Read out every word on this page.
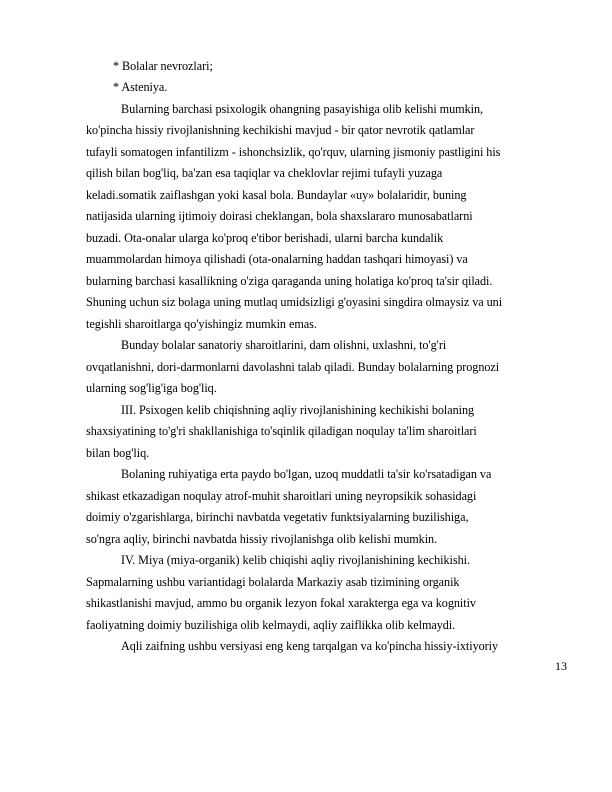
* Bolalar nevrozlari;
* Asteniya.
Bularning barchasi psixologik ohangning pasayishiga olib kelishi mumkin,
ko'pincha hissiy rivojlanishning kechikishi mavjud - bir qator nevrotik qatlamlar
tufayli somatogen infantilizm - ishonchsizlik, qo'rquv, ularning jismoniy pastligini his
qilish bilan bog'liq, ba'zan esa taqiqlar va cheklovlar rejimi tufayli yuzaga
keladi.somatik zaiflashgan yoki kasal bola. Bundaylar «uy» bolalaridir, buning
natijasida ularning ijtimoiy doirasi cheklangan, bola shaxslararo munosabatlarni
buzadi. Ota-onalar ularga ko'proq e'tibor berishadi, ularni barcha kundalik
muammolardan himoya qilishadi (ota-onalarning haddan tashqari himoyasi) va
bularning barchasi kasallikning o'ziga qaraganda uning holatiga ko'proq ta'sir qiladi.
Shuning uchun siz bolaga uning mutlaq umidsizligi g'oyasini singdira olmaysiz va uni
tegishli sharoitlarga qo'yishingiz mumkin emas.
Bunday bolalar sanatoriy sharoitlarini, dam olishni, uxlashni, to'g'ri
ovqatlanishni, dori-darmonlarni davolashni talab qiladi. Bunday bolalarning prognozi
ularning sog'lig'iga bog'liq.
III. Psixogen kelib chiqishning aqliy rivojlanishining kechikishi bolaning
shaxsiyatining to'g'ri shakllanishiga to'sqinlik qiladigan noqulay ta'lim sharoitlari
bilan bog'liq.
Bolaning ruhiyatiga erta paydo bo'lgan, uzoq muddatli ta'sir ko'rsatadigan va
shikast etkazadigan noqulay atrof-muhit sharoitlari uning neyropsikik sohasidagi
doimiy o'zgarishlarga, birinchi navbatda vegetativ funktsiyalarning buzilishiga,
so'ngra aqliy, birinchi navbatda hissiy rivojlanishga olib kelishi mumkin.
IV. Miya (miya-organik) kelib chiqishi aqliy rivojlanishining kechikishi.
Sapmalarning ushbu variantidagi bolalarda Markaziy asab tizimining organik
shikastlanishi mavjud, ammo bu organik lezyon fokal xarakterga ega va kognitiv
faoliyatning doimiy buzilishiga olib kelmaydi, aqliy zaiflikka olib kelmaydi.
Aqli zaifning ushbu versiyasi eng keng tarqalgan va ko'pincha hissiy-ixtiyoriy
13
